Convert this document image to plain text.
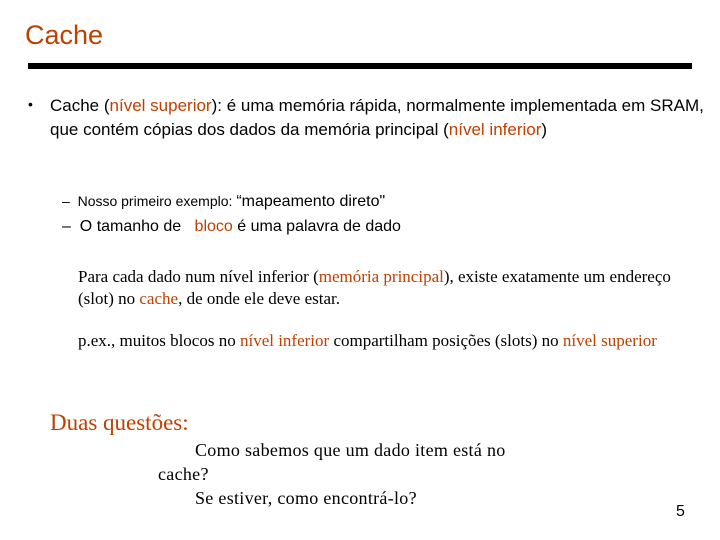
Cache
• Cache (nível superior): é uma memória rápida, normalmente implementada em SRAM, que contém cópias dos dados da memória principal (nível inferior)
– Nosso primeiro exemplo: “mapeamento direto"
– O tamanho de bloco é uma palavra de dado
Para cada dado num nível inferior (memória principal), existe exatamente um endereço (slot) no cache, de onde ele deve estar.
p.ex., muitos blocos no nível inferior compartilham posições (slots) no nível superior
Duas questões:
Como sabemos que um dado item está no
cache?
Se estiver, como encontrá-lo?
5
